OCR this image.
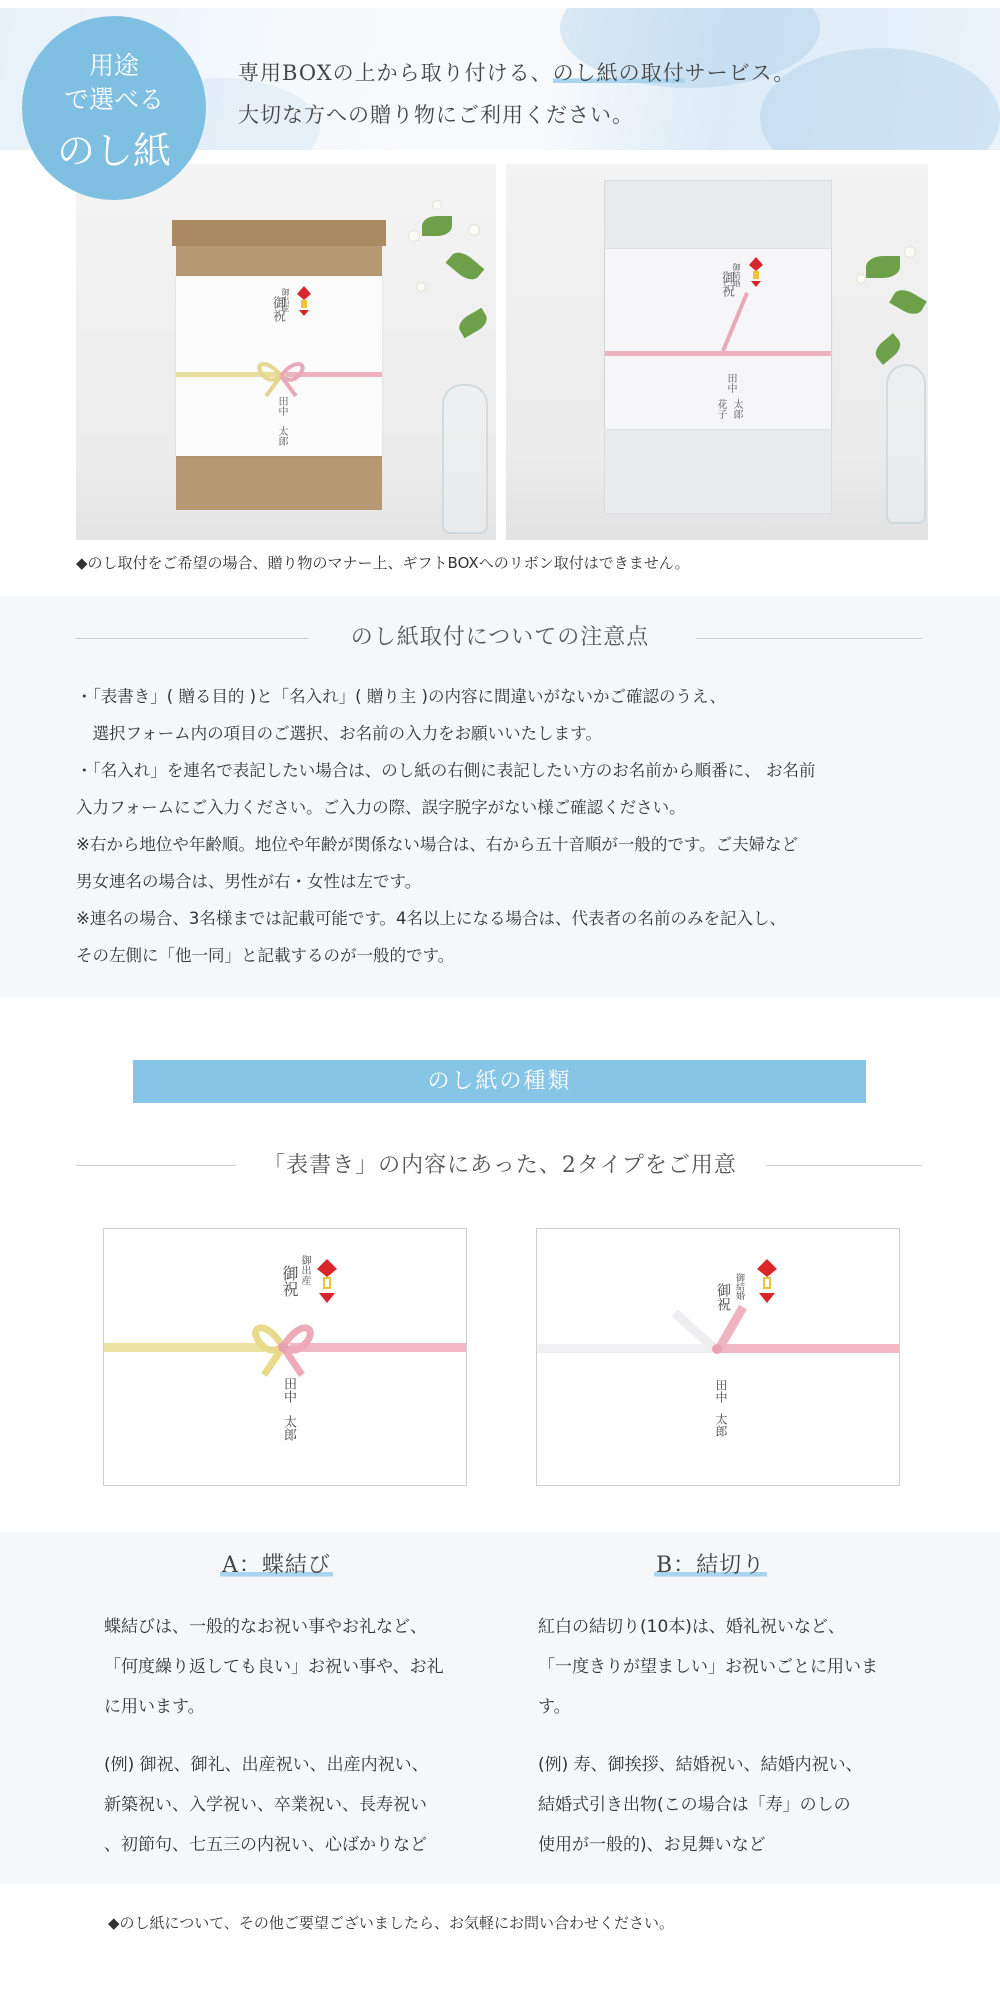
専用BOXの上から取り付ける、のし紙の取付サービス。
大切な方への贈り物にご利用ください。
用途
で選べる
のし紙
御出産
御祝
田中
太郎
御結婚
御祝
田中
太郎
花子
◆のし取付をご希望の場合、贈り物のマナー上、ギフトBOXへのリボン取付はできません。
のし紙取付についての注意点
・「表書き」( 贈る目的 )と「名入れ」( 贈り主 )の内容に間違いがないかご確認のうえ、
　選択フォーム内の項目のご選択、お名前の入力をお願いいたします。
・「名入れ」を連名で表記したい場合は、のし紙の右側に表記したい方のお名前から順番に、 お名前
入力フォームにご入力ください。ご入力の際、誤字脱字がない様ご確認ください。
※右から地位や年齢順。地位や年齢が関係ない場合は、右から五十音順が一般的です。ご夫婦など
男女連名の場合は、男性が右・女性は左です。
※連名の場合、3名様までは記載可能です。4名以上になる場合は、代表者の名前のみを記入し、
その左側に「他一同」と記載するのが一般的です。
のし紙の種類
「表書き」の内容にあった、2タイプをご用意
御出産
御祝
田中
太郎
御結婚
御祝
田中
太郎
A：蝶結び	B：結切り
蝶結びは、一般的なお祝い事やお礼など、
「何度繰り返しても良い」お祝い事や、お礼
に用います。
(例) 御祝、御礼、出産祝い、出産内祝い、
新築祝い、入学祝い、卒業祝い、長寿祝い
、初節句、七五三の内祝い、心ばかりなど
紅白の結切り(10本)は、婚礼祝いなど、
「一度きりが望ましい」お祝いごとに用いま
す。
(例) 寿、御挨拶、結婚祝い、結婚内祝い、
結婚式引き出物(この場合は「寿」のしの
使用が一般的)、お見舞いなど
◆のし紙について、その他ご要望ございましたら、お気軽にお問い合わせください。
